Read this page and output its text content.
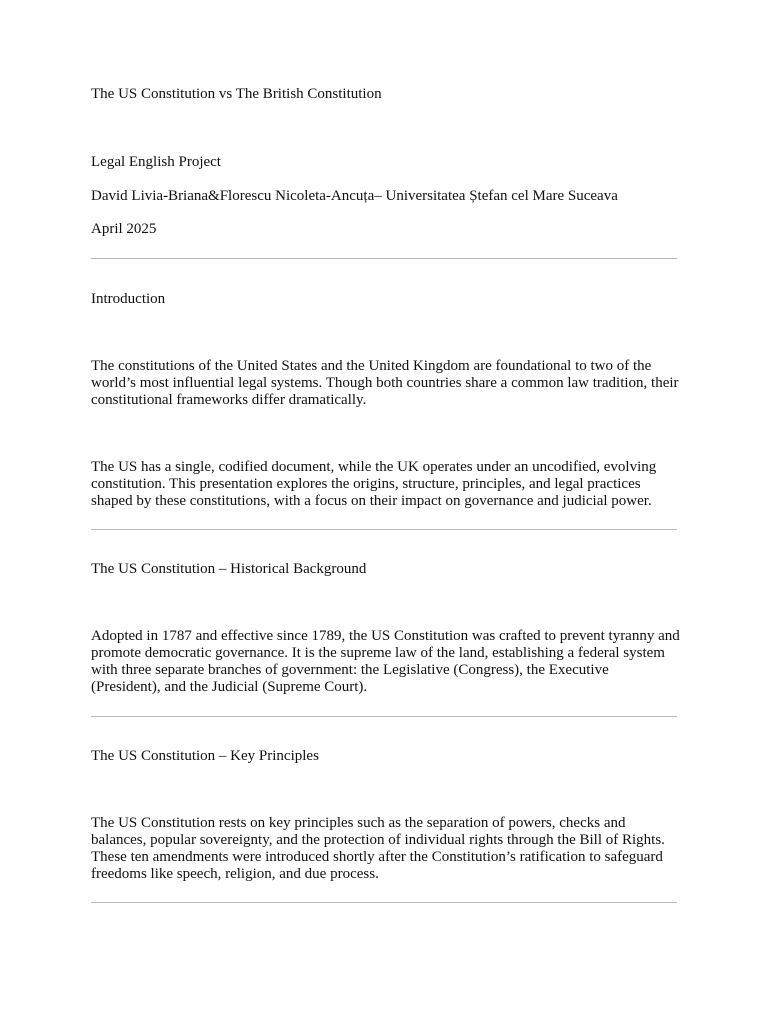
The US Constitution vs The British Constitution

Legal English Project

David Livia-Briana&Florescu Nicoleta-Ancuța– Universitatea Ștefan cel Mare Suceava

April 2025

Introduction

The constitutions of the United States and the United Kingdom are foundational to two of the world’s most influential legal systems. Though both countries share a common law tradition, their constitutional frameworks differ dramatically.

The US has a single, codified document, while the UK operates under an uncodified, evolving constitution. This presentation explores the origins, structure, principles, and legal practices shaped by these constitutions, with a focus on their impact on governance and judicial power.

The US Constitution – Historical Background

Adopted in 1787 and effective since 1789, the US Constitution was crafted to prevent tyranny and promote democratic governance. It is the supreme law of the land, establishing a federal system with three separate branches of government: the Legislative (Congress), the Executive (President), and the Judicial (Supreme Court).

The US Constitution – Key Principles

The US Constitution rests on key principles such as the separation of powers, checks and balances, popular sovereignty, and the protection of individual rights through the Bill of Rights. These ten amendments were introduced shortly after the Constitution’s ratification to safeguard freedoms like speech, religion, and due process.
